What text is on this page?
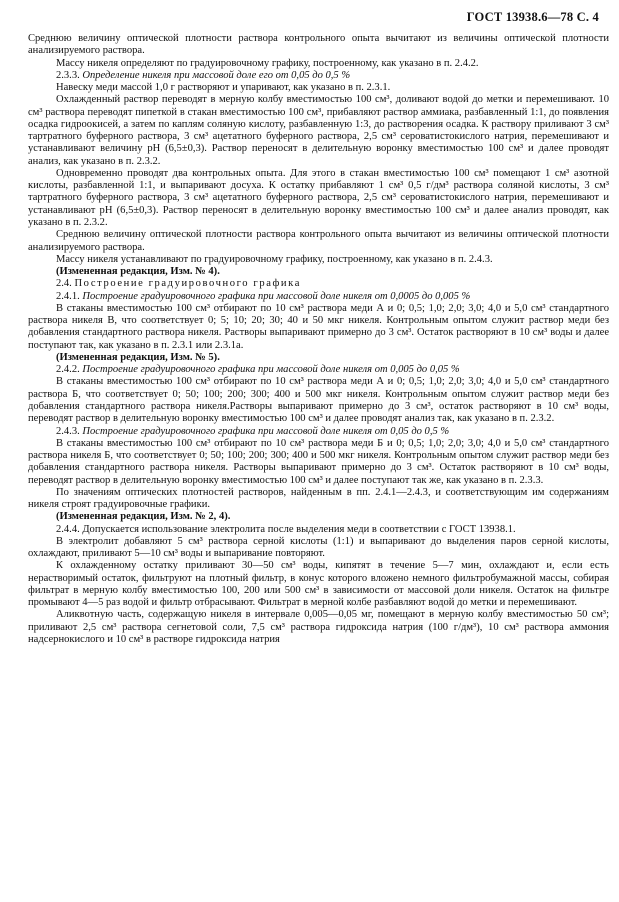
ГОСТ 13938.6—78 С. 4

Среднюю величину оптической плотности раствора контрольного опыта вычитают из величины оптической плотности анализируемого раствора.

Массу никеля определяют по градуировочному графику, построенному, как указано в п. 2.4.2.

2.3.3. Определение никеля при массовой доле его от 0,05 до 0,5 %

Навеску меди массой 1,0 г растворяют и упаривают, как указано в п. 2.3.1.

Охлажденный раствор переводят в мерную колбу вместимостью 100 см³, доливают водой до метки и перемешивают. 10 см³ раствора переводят пипеткой в стакан вместимостью 100 см³, прибавляют раствор аммиака, разбавленный 1:1, до появления осадка гидроокисей, а затем по каплям соляную кислоту, разбавленную 1:3, до растворения осадка. К раствору приливают 3 см³ тартратного буферного раствора, 3 см³ ацетатного буферного раствора, 2,5 см³ сероватистокислого натрия, перемешивают и устанавливают величину pH (6,5±0,3). Раствор переносят в делительную воронку вместимостью 100 см³ и далее проводят анализ, как указано в п. 2.3.2.

Одновременно проводят два контрольных опыта. Для этого в стакан вместимостью 100 см³ помещают 1 см³ азотной кислоты, разбавленной 1:1, и выпаривают досуха. К остатку прибавляют 1 см³ 0,5 г/дм³ раствора соляной кислоты, 3 см³ тартратного буферного раствора, 3 см³ ацетатного буферного раствора, 2,5 см³ сероватистокислого натрия, перемешивают и устанавливают pH (6,5±0,3). Раствор переносят в делительную воронку вместимостью 100 см³ и далее анализ проводят, как указано в п. 2.3.2.

Среднюю величину оптической плотности раствора контрольного опыта вычитают из величины оптической плотности анализируемого раствора.

Массу никеля устанавливают по градуировочному графику, построенному, как указано в п. 2.4.3.

(Измененная редакция, Изм. № 4).

2.4. Построение градуировочного графика

2.4.1. Построение градуировочного графика при массовой доле никеля от 0,0005 до 0,005 %

В стаканы вместимостью 100 см³ отбирают по 10 см³ раствора меди А и 0; 0,5; 1,0; 2,0; 3,0; 4,0 и 5,0 см³ стандартного раствора никеля В, что соответствует 0; 5; 10; 20; 30; 40 и 50 мкг никеля. Контрольным опытом служит раствор меди без добавления стандартного раствора никеля. Растворы выпаривают примерно до 3 см³. Остаток растворяют в 10 см³ воды и далее поступают так, как указано в п. 2.3.1 или 2.3.1а.

(Измененная редакция, Изм. № 5).

2.4.2. Построение градуировочного графика при массовой доле никеля от 0,005 до 0,05 %

В стаканы вместимостью 100 см³ отбирают по 10 см³ раствора меди А и 0; 0,5; 1,0; 2,0; 3,0; 4,0 и 5,0 см³ стандартного раствора Б, что соответствует 0; 50; 100; 200; 300; 400 и 500 мкг никеля. Контрольным опытом служит раствор меди без добавления стандартного раствора никеля.Растворы выпаривают примерно до 3 см³, остаток растворяют в 10 см³ воды, переводят раствор в делительную воронку вместимостью 100 см³ и далее проводят анализ так, как указано в п. 2.3.2.

2.4.3. Построение градуировочного графика при массовой доле никеля от 0,05 до 0,5 %

В стаканы вместимостью 100 см³ отбирают по 10 см³ раствора меди Б и 0; 0,5; 1,0; 2,0; 3,0; 4,0 и 5,0 см³ стандартного раствора никеля Б, что соответствует 0; 50; 100; 200; 300; 400 и 500 мкг никеля. Контрольным опытом служит раствор меди без добавления стандартного раствора никеля. Растворы выпаривают примерно до 3 см³. Остаток растворяют в 10 см³ воды, переводят раствор в делительную воронку вместимостью 100 см³ и далее поступают так же, как указано в п. 2.3.3.

По значениям оптических плотностей растворов, найденным в пп. 2.4.1—2.4.3, и соответствующим им содержаниям никеля строят градуировочные графики.

(Измененная редакция, Изм. № 2, 4).

2.4.4. Допускается использование электролита после выделения меди в соответствии с ГОСТ 13938.1.

В электролит добавляют 5 см³ раствора серной кислоты (1:1) и выпаривают до выделения паров серной кислоты, охлаждают, приливают 5—10 см³ воды и выпаривание повторяют.

К охлажденному остатку приливают 30—50 см³ воды, кипятят в течение 5—7 мин, охлаждают и, если есть нерастворимый остаток, фильтруют на плотный фильтр, в конус которого вложено немного фильтробумажной массы, собирая фильтрат в мерную колбу вместимостью 100, 200 или 500 см³ в зависимости от массовой доли никеля. Остаток на фильтре промывают 4—5 раз водой и фильтр отбрасывают. Фильтрат в мерной колбе разбавляют водой до метки и перемешивают.

Аликвотную часть, содержащую никеля в интервале 0,005—0,05 мг, помещают в мерную колбу вместимостью 50 см³; приливают 2,5 см³ раствора сегнетовой соли, 7,5 см³ раствора гидроксида натрия (100 г/дм³), 10 см³ раствора аммония надсернокислого и 10 см³ в растворе гидроксида натрия
